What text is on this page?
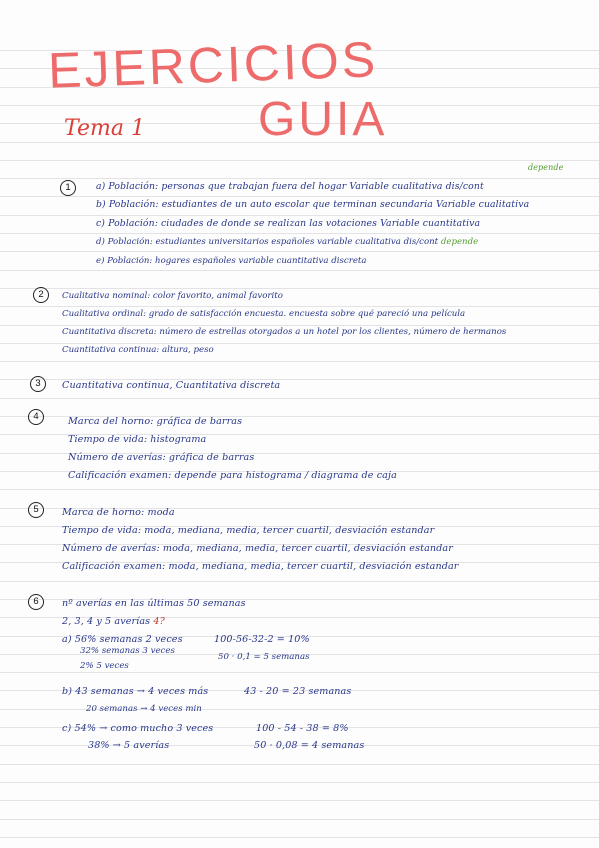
EJERCICIOS
GUIA
Tema 1
1
depende
a) Población: personas que trabajan fuera del hogar Variable cualitativa dis/cont
b) Población: estudiantes de un auto escolar que terminan secundaria Variable cualitativa
c) Población: ciudades de donde se realizan las votaciones Variable cuantitativa
d) Población: estudiantes universitarios españoles variable cualitativa dis/cont depende
e) Población: hogares españoles variable cuantitativa discreta
2	Cualitativa nominal: color favorito, animal favorito
Cualitativa ordinal: grado de satisfacción encuesta. encuesta sobre qué pareció una película
Cuantitativa discreta: número de estrellas otorgados a un hotel por los clientes, número de hermanos
Cuantitativa continua: altura, peso
3	Cuantitativa continua, Cuantitativa discreta
4	Marca del horno: gráfica de barras
Tiempo de vida: histograma
Número de averías: gráfica de barras
Calificación examen: depende para histograma / diagrama de caja
5	Marca de horno: moda
Tiempo de vida: moda, mediana, media, tercer cuartil, desviación estandar
Número de averías: moda, mediana, media, tercer cuartil, desviación estandar
Calificación examen: moda, mediana, media, tercer cuartil, desviación estandar
6	nº averías en las últimas 50 semanas
2, 3, 4 y 5 averías 4?
a) 56% semanas 2 veces	100-56-32-2 = 10%
32% semanas 3 veces
50 · 0,1 = 5 semanas
2% 5 veces
b) 43 semanas → 4 veces más	43 - 20 = 23 semanas
20 semanas → 4 veces min
c) 54% → como mucho 3 veces	100 - 54 - 38 = 8%
38% → 5 averías	50 · 0,08 = 4 semanas
